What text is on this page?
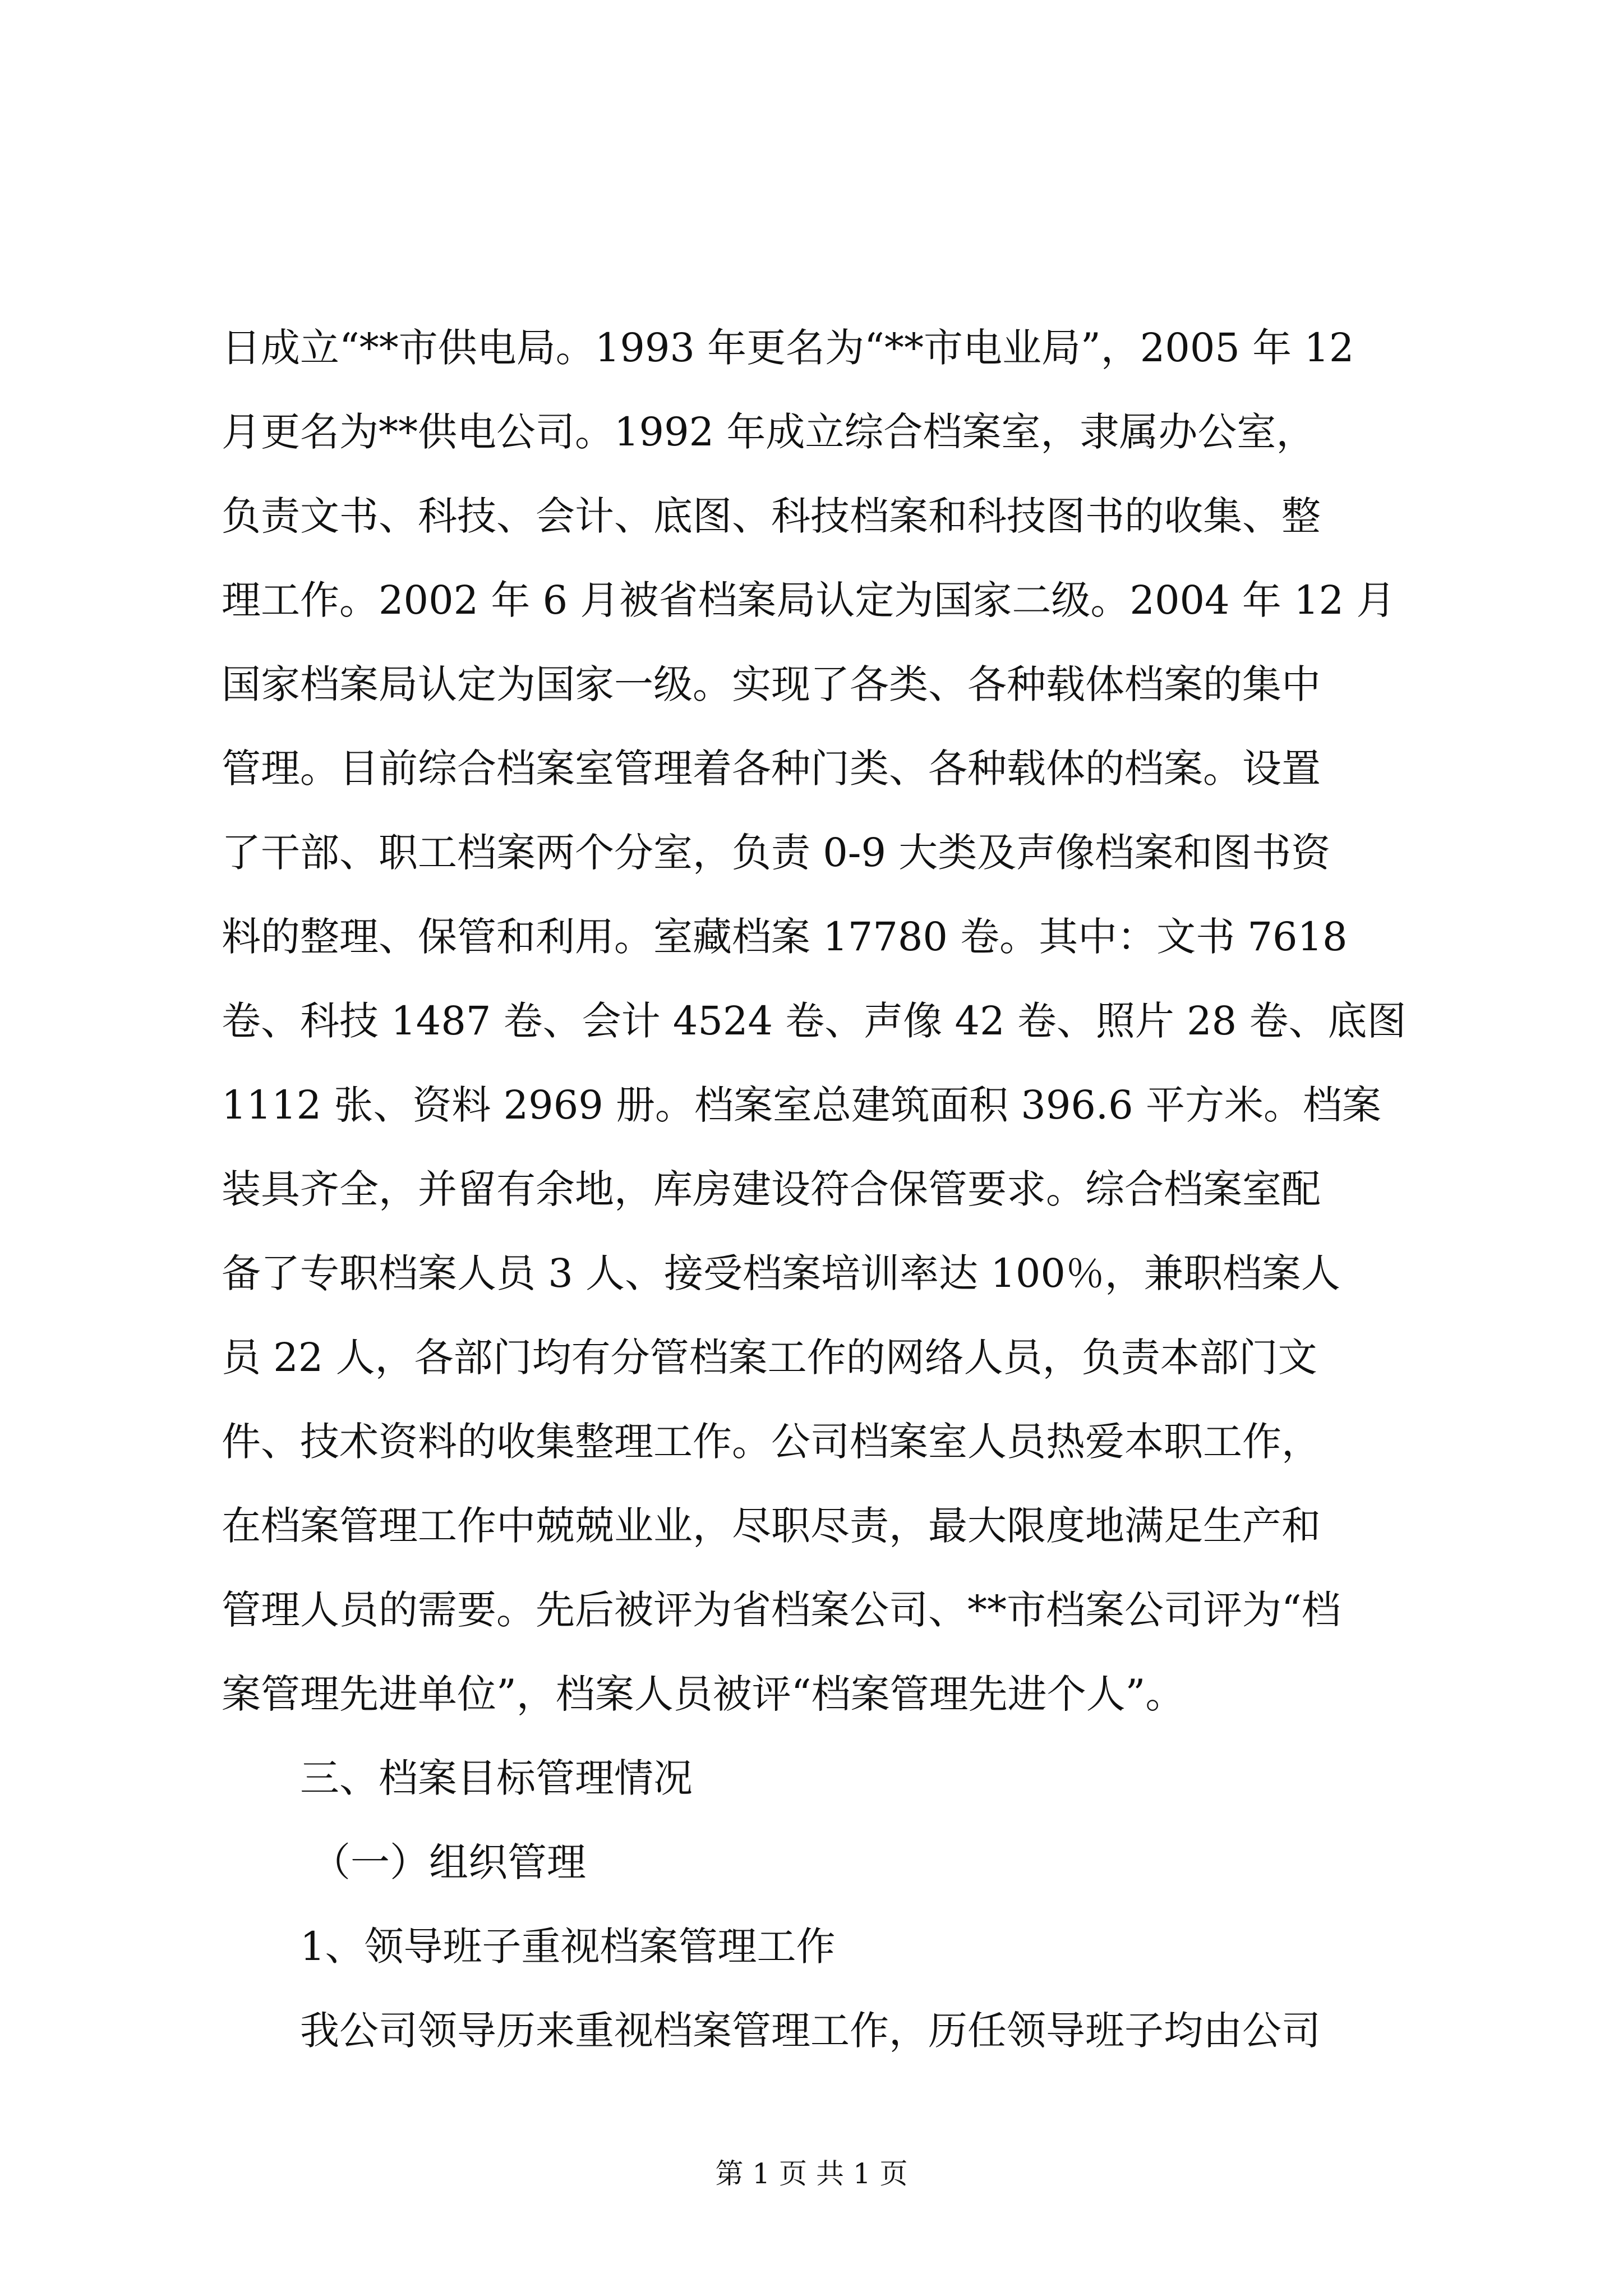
日成立“**市供电局。1993 年更名为“**市电业局”，2005 年 12
月更名为**供电公司。1992 年成立综合档案室，隶属办公室，
负责文书、科技、会计、底图、科技档案和科技图书的收集、整
理工作。2002 年 6 月被省档案局认定为国家二级。2004 年 12 月
国家档案局认定为国家一级。实现了各类、各种载体档案的集中
管理。目前综合档案室管理着各种门类、各种载体的档案。设置
了干部、职工档案两个分室，负责 0-9 大类及声像档案和图书资
料的整理、保管和利用。室藏档案 17780 卷。其中：文书 7618
卷、科技 1487 卷、会计 4524 卷、声像 42 卷、照片 28 卷、底图
1112 张、资料 2969 册。档案室总建筑面积 396.6 平方米。档案
装具齐全，并留有余地，库房建设符合保管要求。综合档案室配
备了专职档案人员 3 人、接受档案培训率达 100％，兼职档案人
员 22 人，各部门均有分管档案工作的网络人员，负责本部门文
件、技术资料的收集整理工作。公司档案室人员热爱本职工作，
在档案管理工作中兢兢业业，尽职尽责，最大限度地满足生产和
管理人员的需要。先后被评为省档案公司、**市档案公司评为“档
案管理先进单位”，档案人员被评“档案管理先进个人”。
三、档案目标管理情况
（一）组织管理
1、领导班子重视档案管理工作
我公司领导历来重视档案管理工作，历任领导班子均由公司
第 1 页 共 1 页
